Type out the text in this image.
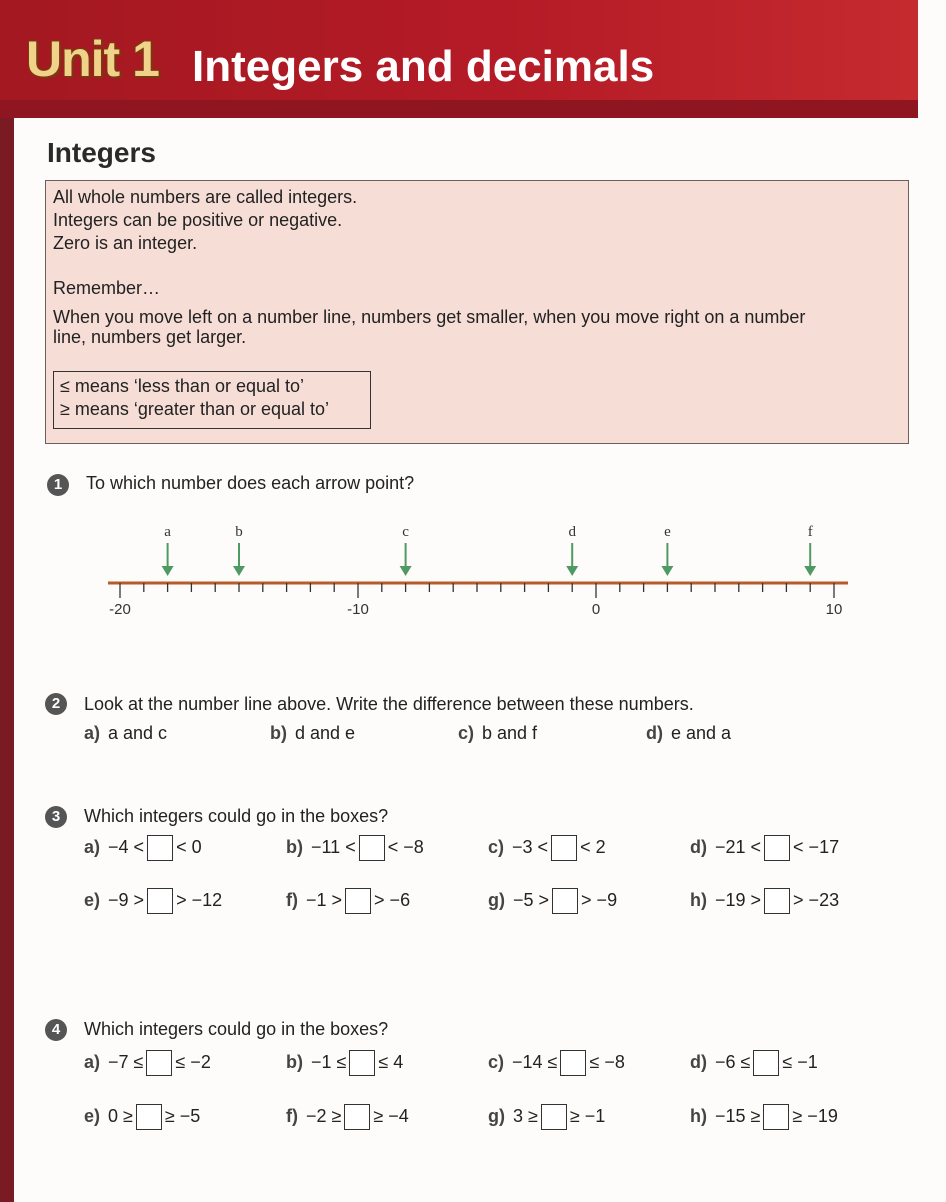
Unit 1 Integers and decimals
Integers
All whole numbers are called integers.
Integers can be positive or negative.
Zero is an integer.
Remember…
When you move left on a number line, numbers get smaller, when you move right on a number
line, numbers get larger.
≤ means ‘less than or equal to’
≥ means ‘greater than or equal to’
1	To which number does each arrow point?
-20	-10	0	10
a	b	c	d	e	f
2	Look at the number line above. Write the difference between these numbers.
a) a and c	b) d and e	c) b and f	d) e and a
3	Which integers could go in the boxes?
a) −4 < < 0	b) −11 < < −8	c) −3 < < 2	d) −21 < < −17
e) −9 > > −12	f) −1 > > −6	g) −5 > > −9	h) −19 > > −23
4	Which integers could go in the boxes?
a) −7 ≤ ≤ −2	b) −1 ≤ ≤ 4	c) −14 ≤ ≤ −8	d) −6 ≤ ≤ −1
e) 0 ≥ ≥ −5	f) −2 ≥ ≥ −4	g) 3 ≥ ≥ −1	h) −15 ≥ ≥ −19
